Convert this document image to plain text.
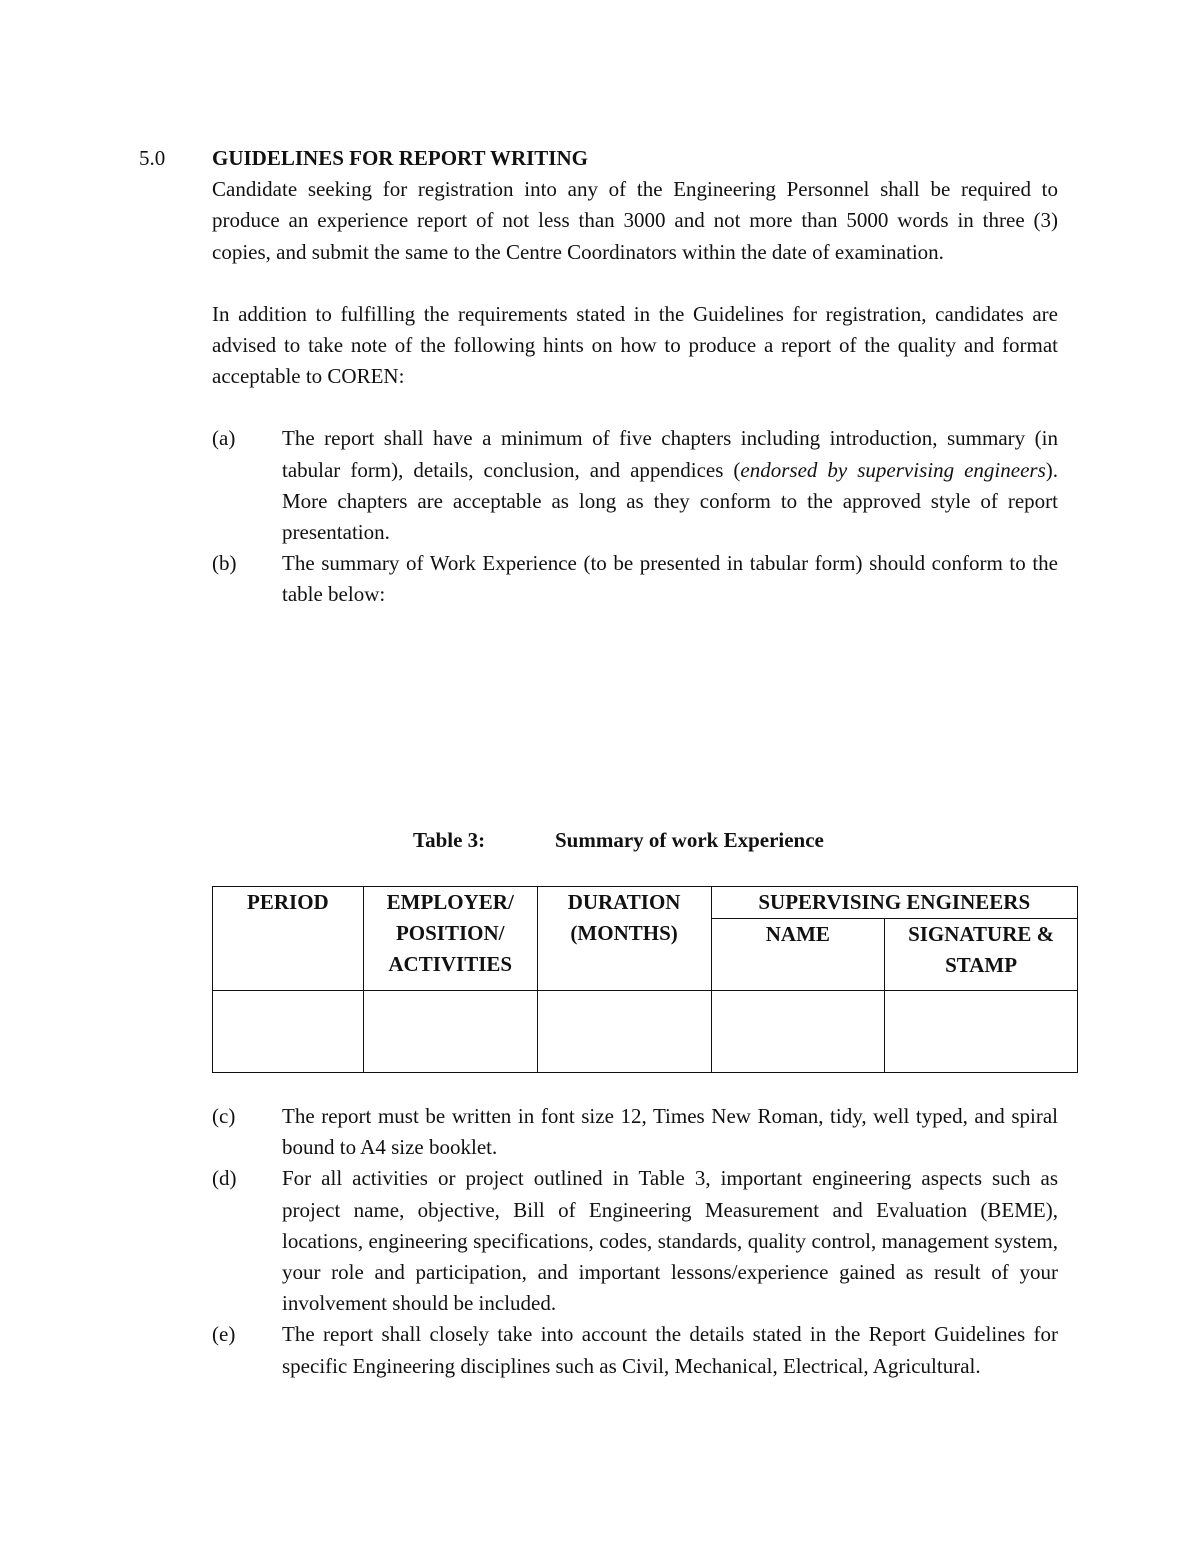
5.0 GUIDELINES FOR REPORT WRITING
Candidate seeking for registration into any of the Engineering Personnel shall be required to produce an experience report of not less than 3000 and not more than 5000 words in three (3) copies, and submit the same to the Centre Coordinators within the date of examination.
In addition to fulfilling the requirements stated in the Guidelines for registration, candidates are advised to take note of the following hints on how to produce a report of the quality and format acceptable to COREN:
(a) The report shall have a minimum of five chapters including introduction, summary (in tabular form), details, conclusion, and appendices (endorsed by supervising engineers). More chapters are acceptable as long as they conform to the approved style of report presentation.
(b) The summary of Work Experience (to be presented in tabular form) should conform to the table below:
Table 3:	Summary of work Experience
PERIOD	EMPLOYER/ POSITION/ ACTIVITIES	DURATION (MONTHS)	SUPERVISING ENGINEERS	
			NAME	SIGNATURE & STAMP

(c) The report must be written in font size 12, Times New Roman, tidy, well typed, and spiral bound to A4 size booklet.
(d) For all activities or project outlined in Table 3, important engineering aspects such as project name, objective, Bill of Engineering Measurement and Evaluation (BEME), locations, engineering specifications, codes, standards, quality control, management system, your role and participation, and important lessons/experience gained as result of your involvement should be included.
(e) The report shall closely take into account the details stated in the Report Guidelines for specific Engineering disciplines such as Civil, Mechanical, Electrical, Agricultural.
